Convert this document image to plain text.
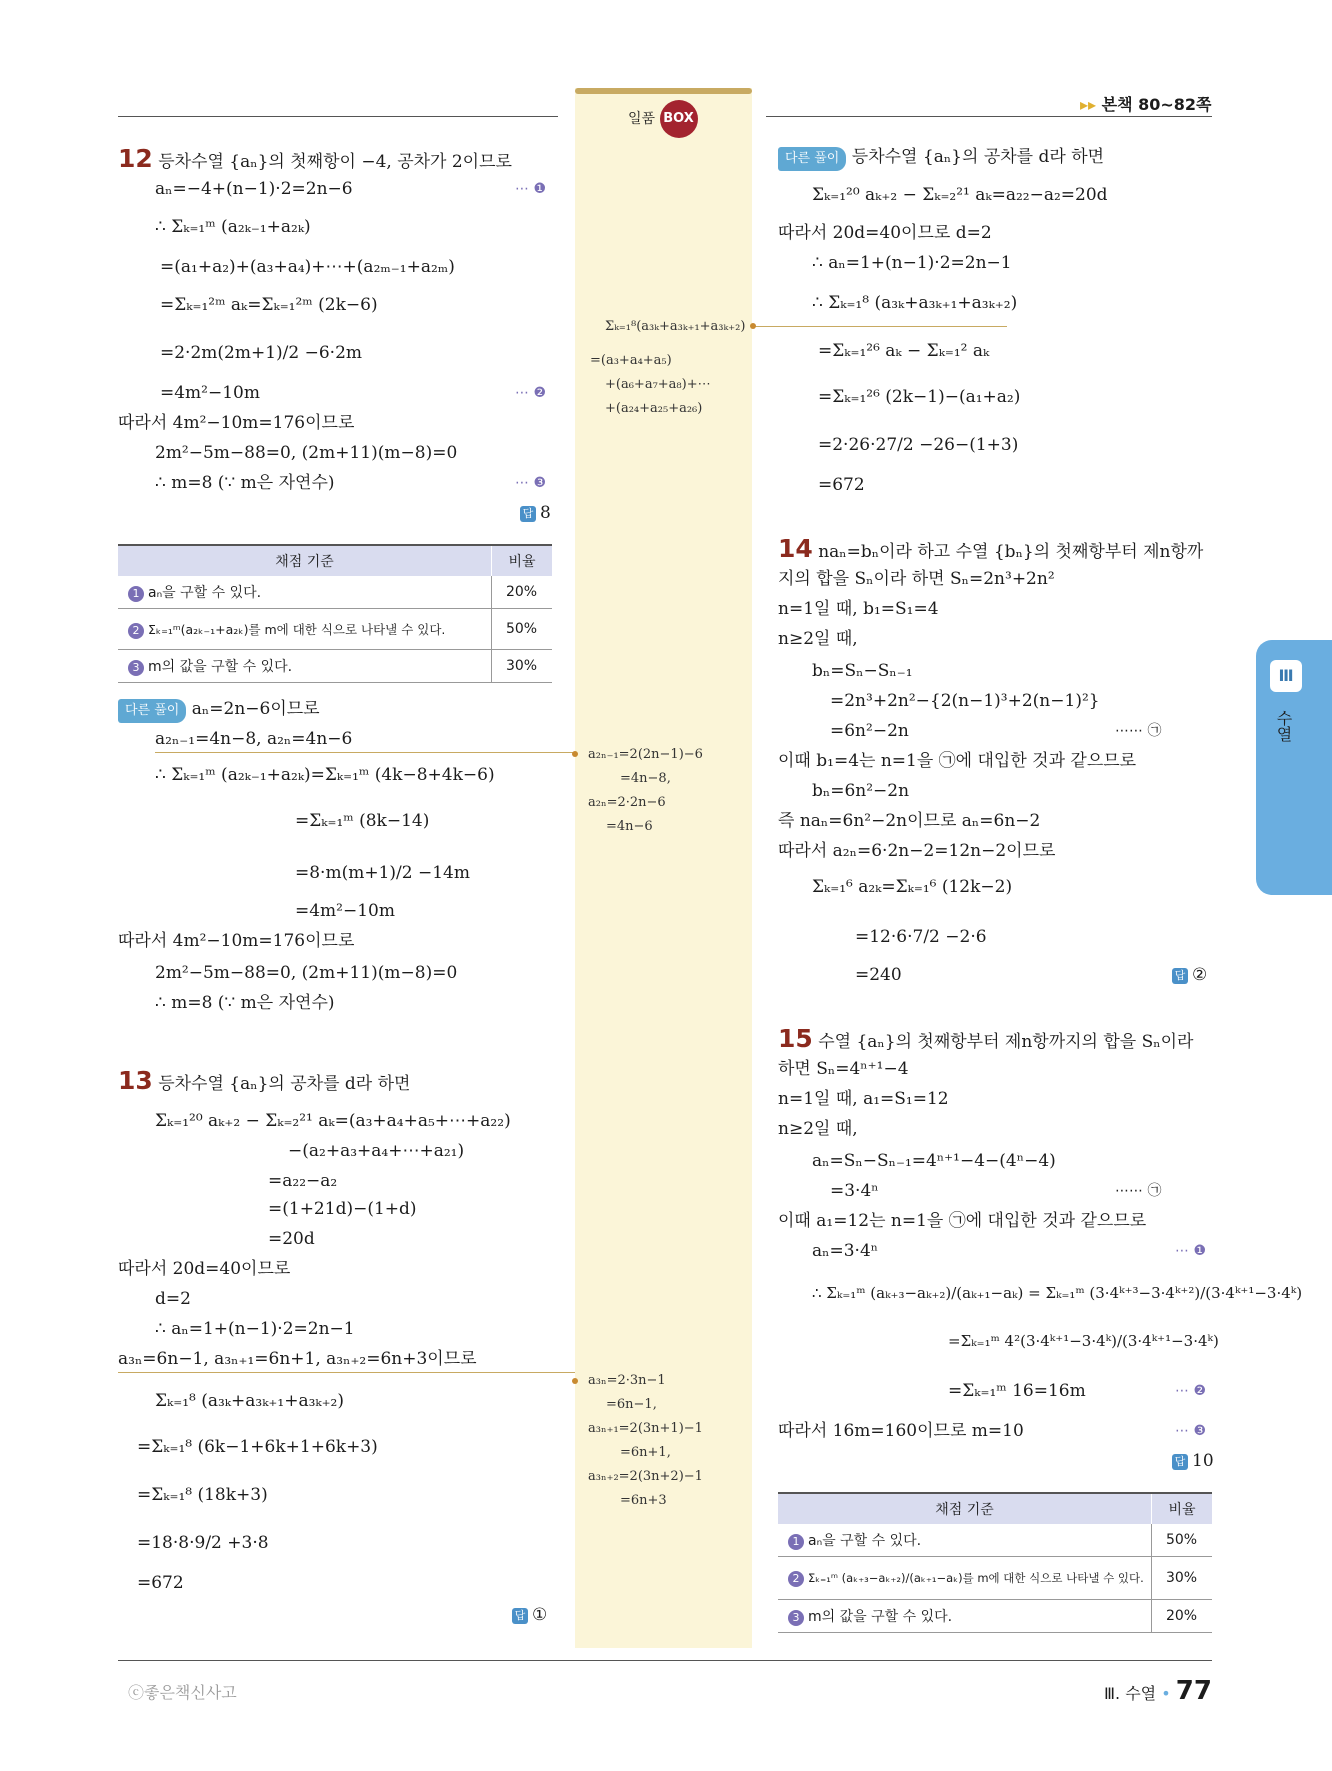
일품 BOX
▸▸ 본책 80~82쪽
Ⅲ
수열
12 등차수열 {aₙ}의 첫째항이 −4, 공차가 2이므로
aₙ=−4+(n−1)·2=2n−6
∴ Σₖ₌₁ᵐ (a₂ₖ₋₁+a₂ₖ)
=(a₁+a₂)+(a₃+a₄)+⋯+(a₂ₘ₋₁+a₂ₘ)
=Σₖ₌₁²ᵐ aₖ=Σₖ₌₁²ᵐ (2k−6)
=2·2m(2m+1)/2 −6·2m
=4m²−10m
따라서 4m²−10m=176이므로
2m²−5m−88=0, (2m+11)(m−8)=0
∴ m=8 (∵ m은 자연수)
⋯ ❶
⋯ ❷
⋯ ❸
답 8
채점 기준	비율
1 aₙ을 구할 수 있다.	20%
2 Σₖ₌₁ᵐ(a₂ₖ₋₁+a₂ₖ)를 m에 대한 식으로 나타낼 수 있다.	50%
3 m의 값을 구할 수 있다.	30%
다른 풀이 aₙ=2n−6이므로
a₂ₙ₋₁=4n−8, a₂ₙ=4n−6
∴ Σₖ₌₁ᵐ (a₂ₖ₋₁+a₂ₖ)=Σₖ₌₁ᵐ (4k−8+4k−6)
=Σₖ₌₁ᵐ (8k−14)
=8·m(m+1)/2 −14m
=4m²−10m
따라서 4m²−10m=176이므로
2m²−5m−88=0, (2m+11)(m−8)=0
∴ m=8 (∵ m은 자연수)
13 등차수열 {aₙ}의 공차를 d라 하면
Σₖ₌₁²⁰ aₖ₊₂ − Σₖ₌₂²¹ aₖ=(a₃+a₄+a₅+⋯+a₂₂)
−(a₂+a₃+a₄+⋯+a₂₁)
=a₂₂−a₂
=(1+21d)−(1+d)
=20d
따라서 20d=40이므로
d=2
∴ aₙ=1+(n−1)·2=2n−1
a₃ₙ=6n−1, a₃ₙ₊₁=6n+1, a₃ₙ₊₂=6n+3이므로
Σₖ₌₁⁸ (a₃ₖ+a₃ₖ₊₁+a₃ₖ₊₂)
=Σₖ₌₁⁸ (6k−1+6k+1+6k+3)
=Σₖ₌₁⁸ (18k+3)
=18·8·9/2 +3·8
=672
답 ①
Σₖ₌₁⁸(a₃ₖ+a₃ₖ₊₁+a₃ₖ₊₂)
=(a₃+a₄+a₅)
+(a₆+a₇+a₈)+⋯
+(a₂₄+a₂₅+a₂₆)
a₂ₙ₋₁=2(2n−1)−6
=4n−8,
a₂ₙ=2·2n−6
=4n−6
a₃ₙ=2·3n−1
=6n−1,
a₃ₙ₊₁=2(3n+1)−1
=6n+1,
a₃ₙ₊₂=2(3n+2)−1
=6n+3
다른 풀이 등차수열 {aₙ}의 공차를 d라 하면
Σₖ₌₁²⁰ aₖ₊₂ − Σₖ₌₂²¹ aₖ=a₂₂−a₂=20d
따라서 20d=40이므로 d=2
∴ aₙ=1+(n−1)·2=2n−1
∴ Σₖ₌₁⁸ (a₃ₖ+a₃ₖ₊₁+a₃ₖ₊₂)
=Σₖ₌₁²⁶ aₖ − Σₖ₌₁² aₖ
=Σₖ₌₁²⁶ (2k−1)−(a₁+a₂)
=2·26·27/2 −26−(1+3)
=672
14 naₙ=bₙ이라 하고 수열 {bₙ}의 첫째항부터 제n항까
지의 합을 Sₙ이라 하면 Sₙ=2n³+2n²
n=1일 때, b₁=S₁=4
n≥2일 때,
bₙ=Sₙ−Sₙ₋₁
=2n³+2n²−{2(n−1)³+2(n−1)²}
=6n²−2n	⋯⋯ ㉠
이때 b₁=4는 n=1을 ㉠에 대입한 것과 같으므로
bₙ=6n²−2n
즉 naₙ=6n²−2n이므로 aₙ=6n−2
따라서 a₂ₙ=6·2n−2=12n−2이므로
Σₖ₌₁⁶ a₂ₖ=Σₖ₌₁⁶ (12k−2)
=12·6·7/2 −2·6
=240	답 ②
15 수열 {aₙ}의 첫째항부터 제n항까지의 합을 Sₙ이라
하면 Sₙ=4ⁿ⁺¹−4
n=1일 때, a₁=S₁=12
n≥2일 때,
aₙ=Sₙ−Sₙ₋₁=4ⁿ⁺¹−4−(4ⁿ−4)
=3·4ⁿ	⋯⋯ ㉠
이때 a₁=12는 n=1을 ㉠에 대입한 것과 같으므로
aₙ=3·4ⁿ
∴ Σₖ₌₁ᵐ (aₖ₊₃−aₖ₊₂)/(aₖ₊₁−aₖ) = Σₖ₌₁ᵐ (3·4ᵏ⁺³−3·4ᵏ⁺²)/(3·4ᵏ⁺¹−3·4ᵏ)
=Σₖ₌₁ᵐ 4²(3·4ᵏ⁺¹−3·4ᵏ)/(3·4ᵏ⁺¹−3·4ᵏ)
=Σₖ₌₁ᵐ 16=16m
따라서 16m=160이므로 m=10
⋯ ❶
⋯ ❷
⋯ ❸
답 10
채점 기준	비율
1 aₙ을 구할 수 있다.	50%
2 Σₖ₌₁ᵐ (aₖ₊₃−aₖ₊₂)/(aₖ₊₁−aₖ)를 m에 대한 식으로 나타낼 수 있다.	30%
3 m의 값을 구할 수 있다.	20%
ⓒ좋은책신사고	Ⅲ. 수열 • 77
